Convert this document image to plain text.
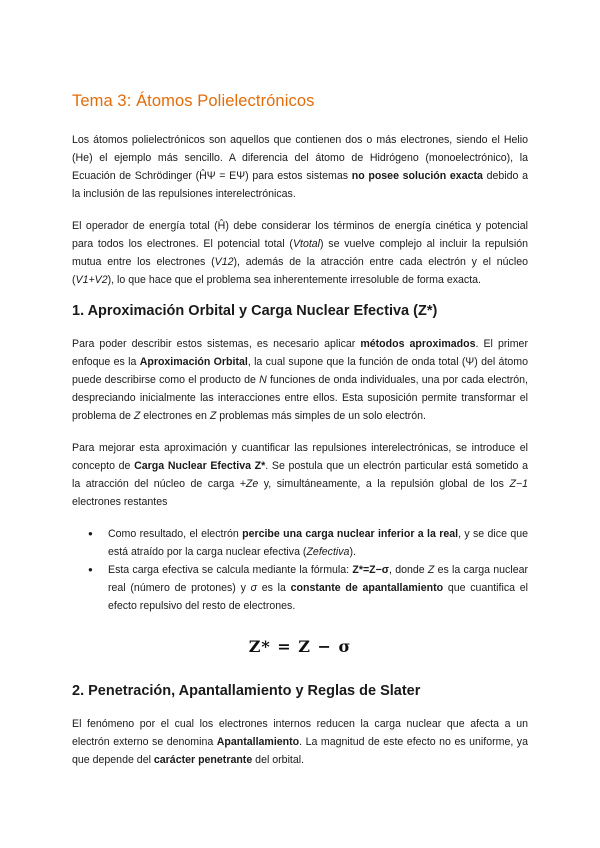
Tema 3: Átomos Polielectrónicos

Los átomos polielectrónicos son aquellos que contienen dos o más electrones, siendo el Helio (He) el ejemplo más sencillo. A diferencia del átomo de Hidrógeno (monoelectrónico), la Ecuación de Schrödinger (ĤΨ = EΨ) para estos sistemas no posee solución exacta debido a la inclusión de las repulsiones interelectrónicas.

El operador de energía total (Ĥ) debe considerar los términos de energía cinética y potencial para todos los electrones. El potencial total (Vtotal) se vuelve complejo al incluir la repulsión mutua entre los electrones (V12), además de la atracción entre cada electrón y el núcleo (V1+V2), lo que hace que el problema sea inherentemente irresoluble de forma exacta.

1. Aproximación Orbital y Carga Nuclear Efectiva (Z*)

Para poder describir estos sistemas, es necesario aplicar métodos aproximados. El primer enfoque es la Aproximación Orbital, la cual supone que la función de onda total (Ψ) del átomo puede describirse como el producto de N funciones de onda individuales, una por cada electrón, despreciando inicialmente las interacciones entre ellos. Esta suposición permite transformar el problema de Z electrones en Z problemas más simples de un solo electrón.

Para mejorar esta aproximación y cuantificar las repulsiones interelectrónicas, se introduce el concepto de Carga Nuclear Efectiva Z*. Se postula que un electrón particular está sometido a la atracción del núcleo de carga +Ze y, simultáneamente, a la repulsión global de los Z−1 electrones restantes

● Como resultado, el electrón percibe una carga nuclear inferior a la real, y se dice que está atraído por la carga nuclear efectiva (Zefectiva).
● Esta carga efectiva se calcula mediante la fórmula: Z*=Z−σ, donde Z es la carga nuclear real (número de protones) y σ es la constante de apantallamiento que cuantifica el efecto repulsivo del resto de electrones.
Z* = Z − σ
2. Penetración, Apantallamiento y Reglas de Slater

El fenómeno por el cual los electrones internos reducen la carga nuclear que afecta a un electrón externo se denomina Apantallamiento. La magnitud de este efecto no es uniforme, ya que depende del carácter penetrante del orbital.
